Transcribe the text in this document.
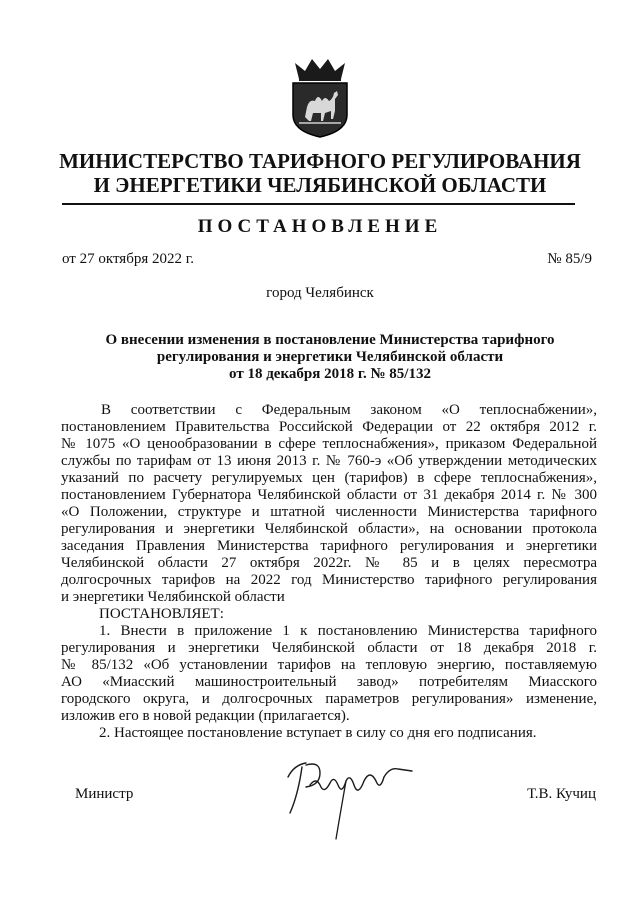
МИНИСТЕРСТВО ТАРИФНОГО РЕГУЛИРОВАНИЯ
И ЭНЕРГЕТИКИ ЧЕЛЯБИНСКОЙ ОБЛАСТИ
ПОСТАНОВЛЕНИЕ
от 27 октября 2022 г.	№ 85/9
город Челябинск
О внесении изменения в постановление Министерства тарифного
регулирования и энергетики Челябинской области
от 18 декабря 2018 г. № 85/132
В соответствии с Федеральным законом «О теплоснабжении»,
постановлением Правительства Российской Федерации от 22 октября 2012 г.
№ 1075 «О ценообразовании в сфере теплоснабжения», приказом Федеральной
службы по тарифам от 13 июня 2013 г. № 760-э «Об утверждении методических
указаний по расчету регулируемых цен (тарифов) в сфере теплоснабжения»,
постановлением Губернатора Челябинской области от 31 декабря 2014 г. № 300
«О Положении, структуре и штатной численности Министерства тарифного
регулирования и энергетики Челябинской области», на основании протокола
заседания Правления Министерства тарифного регулирования и энергетики
Челябинской области 27 октября 2022г. № 85 и в целях пересмотра
долгосрочных тарифов на 2022 год Министерство тарифного регулирования
и энергетики Челябинской области
ПОСТАНОВЛЯЕТ:
1. Внести в приложение 1 к постановлению Министерства тарифного
регулирования и энергетики Челябинской области от 18 декабря 2018 г.
№ 85/132 «Об установлении тарифов на тепловую энергию, поставляемую
АО «Миасский машиностроительный завод» потребителям Миасского
городского округа, и долгосрочных параметров регулирования» изменение,
изложив его в новой редакции (прилагается).
2. Настоящее постановление вступает в силу со дня его подписания.
Министр	Т.В. Кучиц
